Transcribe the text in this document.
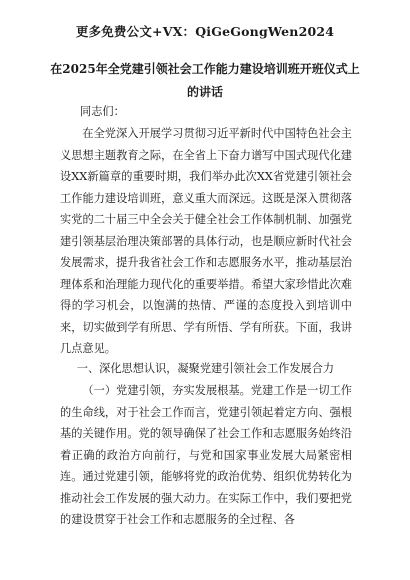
更多免费公文+VX：QiGeGongWen2024
在2025年全党建引领社会工作能力建设培训班开班仪式上
的讲话

同志们：

在全党深入开展学习贯彻习近平新时代中国特色社会主义思想主题教育之际，在全省上下奋力谱写中国式现代化建设XX新篇章的重要时期，我们举办此次XX省党建引领社会工作能力建设培训班，意义重大而深远。这既是深入贯彻落实党的二十届三中全会关于健全社会工作体制机制、加强党建引领基层治理决策部署的具体行动，也是顺应新时代社会发展需求，提升我省社会工作和志愿服务水平，推动基层治理体系和治理能力现代化的重要举措。希望大家珍惜此次难得的学习机会，以饱满的热情、严谨的态度投入到培训中来，切实做到学有所思、学有所悟、学有所获。下面，我讲几点意见。

一、深化思想认识，凝聚党建引领社会工作发展合力

（一）党建引领，夯实发展根基。党建工作是一切工作的生命线，对于社会工作而言，党建引领起着定方向、强根基的关键作用。党的领导确保了社会工作和志愿服务始终沿着正确的政治方向前行，与党和国家事业发展大局紧密相连。通过党建引领，能够将党的政治优势、组织优势转化为推动社会工作发展的强大动力。在实际工作中，我们要把党的建设贯穿于社会工作和志愿服务的全过程、各
